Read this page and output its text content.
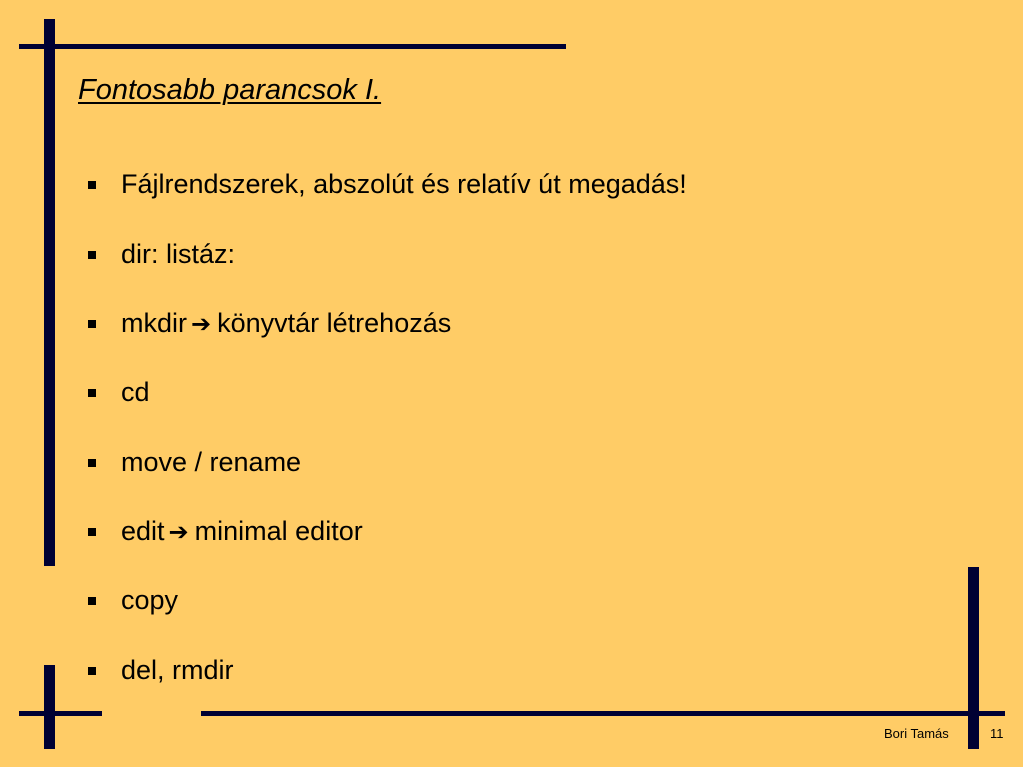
Fontosabb parancsok I.
Fájlrendszerek, abszolút és relatív út megadás!
dir: listáz:
mkdir ➔ könyvtár létrehozás
cd
move / rename
edit ➔ minimal editor
copy
del, rmdir
Bori Tamás	11
